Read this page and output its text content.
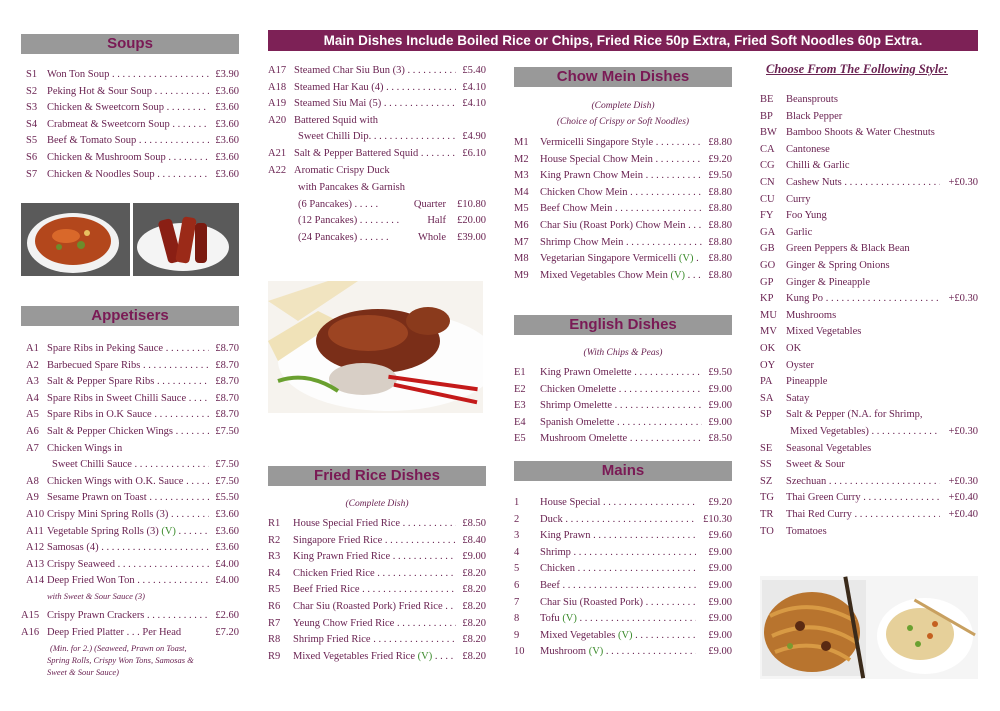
Main Dishes Include Boiled Rice or Chips, Fried Rice 50p Extra, Fried Soft Noodles 60p Extra.
Soups
S1 Won Ton Soup . . .	£3.90
S2 Peking Hot & Sour Soup . . .	£3.60
S3 Chicken & Sweetcorn Soup . . .	£3.60
S4 Crabmeat & Sweetcorn Soup . . .	£3.60
S5 Beef & Tomato Soup . . .	£3.60
S6 Chicken & Mushroom Soup . . .	£3.60
S7 Chicken & Noodles Soup . . .	£3.60
Appetisers
A1 Spare Ribs in Peking Sauce . . .	£8.70
A2 Barbecued Spare Ribs . . .	£8.70
A3 Salt & Pepper Spare Ribs . . .	£8.70
A4 Spare Ribs in Sweet Chilli Sauce . . .	£8.70
A5 Spare Ribs in O.K Sauce . . .	£8.70
A6 Salt & Pepper Chicken Wings . . .	£7.50
A7 Chicken Wings in
Sweet Chilli Sauce . . .	£7.50
A8 Chicken Wings with O.K. Sauce . . .	£7.50
A9 Sesame Prawn on Toast . . .	£5.50
A10 Crispy Mini Spring Rolls (3) . . .	£3.60
A11 Vegetable Spring Rolls (3) (V) . . .	£3.60
A12 Samosas (4) . . .	£3.60
A13 Crispy Seaweed . . .	£4.00
A14 Deep Fried Won Ton . . .	£4.00
with Sweet & Sour Sauce (3)
A15 Crispy Prawn Crackers . . .	£2.60
A16 Deep Fried Platter . . . Per Head	£7.20
(Min. for 2.) (Seaweed, Prawn on Toast,
Spring Rolls, Crispy Won Tons, Samosas &
Sweet & Sour Sauce)
A17 Steamed Char Siu Bun (3) . . .	£5.40
A18 Steamed Har Kau (4) . . .	£4.10
A19 Steamed Siu Mai (5) . . .	£4.10
A20 Battered Squid with
Sweet Chilli Dip. . . .	£4.90
A21 Salt & Pepper Battered Squid . . .	£6.10
A22 Aromatic Crispy Duck
with Pancakes & Garnish
(6 Pancakes) . . . . .	Quarter £10.80
(12 Pancakes) . . . . . . . .	Half £20.00
(24 Pancakes) . . . . . .	Whole £39.00
Fried Rice Dishes
(Complete Dish)
R1 House Special Fried Rice . . .	£8.50
R2 Singapore Fried Rice . . .	£8.40
R3 King Prawn Fried Rice . . .	£9.00
R4 Chicken Fried Rice . . .	£8.20
R5 Beef Fried Rice . . .	£8.20
R6 Char Siu (Roasted Pork) Fried Rice . . .	£8.20
R7 Yeung Chow Fried Rice . . .	£8.20
R8 Shrimp Fried Rice . . .	£8.20
R9 Mixed Vegetables Fried Rice (V) . . .	£8.20
Chow Mein Dishes
(Complete Dish)
(Choice of Crispy or Soft Noodles)
M1 Vermicelli Singapore Style . . .	£8.80
M2 House Special Chow Mein . . .	£9.20
M3 King Prawn Chow Mein . . .	£9.50
M4 Chicken Chow Mein . . .	£8.80
M5 Beef Chow Mein . . .	£8.80
M6 Char Siu (Roast Pork) Chow Mein . . .	£8.80
M7 Shrimp Chow Mein . . .	£8.80
M8 Vegetarian Singapore Vermicelli (V) . . .	£8.80
M9 Mixed Vegetables Chow Mein (V) . . .	£8.80
English Dishes
(With Chips & Peas)
E1 King Prawn Omelette . . .	£9.50
E2 Chicken Omelette . . .	£9.00
E3 Shrimp Omelette . . .	£9.00
E4 Spanish Omelette . . .	£9.00
E5 Mushroom Omelette . . .	£8.50
Mains
1 House Special . . .	£9.20
2 Duck . . .	£10.30
3 King Prawn . . .	£9.60
4 Shrimp . . .	£9.00
5 Chicken . . .	£9.00
6 Beef . . .	£9.00
7 Char Siu (Roasted Pork) . . .	£9.00
8 Tofu (V) . . .	£9.00
9 Mixed Vegetables (V) . . .	£9.00
10 Mushroom (V) . . .	£9.00
Choose From The Following Style:
BE Beansprouts
BP Black Pepper
BW Bamboo Shoots & Water Chestnuts
CA Cantonese
CG Chilli & Garlic
CN Cashew Nuts . . .	+£0.30
CU Curry
FY Foo Yung
GA Garlic
GB Green Peppers & Black Bean
GO Ginger & Spring Onions
GP Ginger & Pineapple
KP Kung Po . . .	+£0.30
MU Mushrooms
MV Mixed Vegetables
OK OK
OY Oyster
PA Pineapple
SA Satay
SP Salt & Pepper (N.A. for Shrimp,
Mixed Vegetables) . . .	+£0.30
SE Seasonal Vegetables
SS Sweet & Sour
SZ Szechuan . . .	+£0.30
TG Thai Green Curry . . .	+£0.40
TR Thai Red Curry . . .	+£0.40
TO Tomatoes
